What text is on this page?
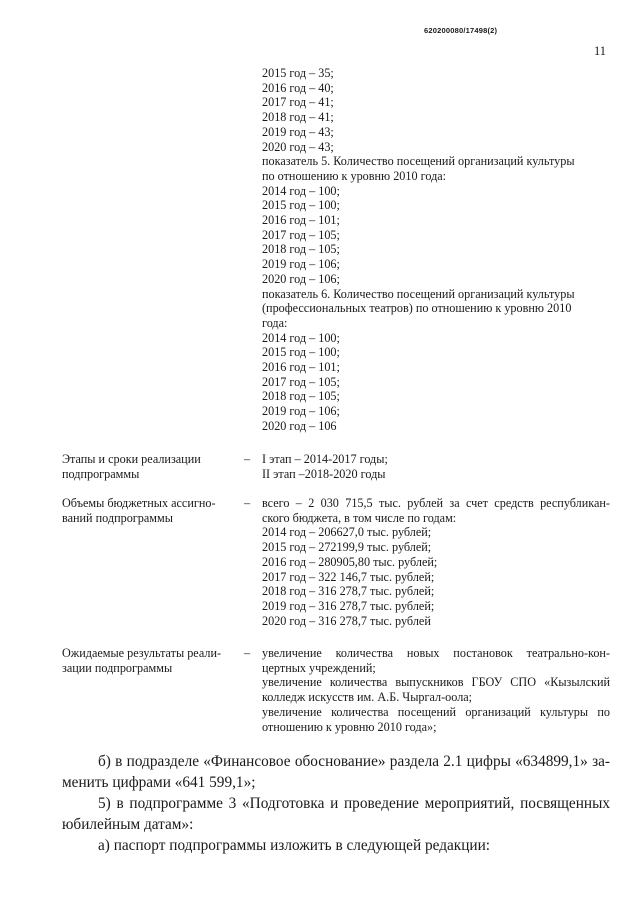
620200080/17498(2)
11
2015 год – 35;
2016 год – 40;
2017 год – 41;
2018 год – 41;
2019 год – 43;
2020 год – 43;
показатель 5. Количество посещений организаций культуры
по отношению к уровню 2010 года:
2014 год – 100;
2015 год – 100;
2016 год – 101;
2017 год – 105;
2018 год – 105;
2019 год – 106;
2020 год – 106;
показатель 6. Количество посещений организаций культуры
(профессиональных театров) по отношению к уровню 2010
года:
2014 год – 100;
2015 год – 100;
2016 год – 101;
2017 год – 105;
2018 год – 105;
2019 год – 106;
2020 год – 106
Этапы и сроки реализации
подпрограммы
– I этап – 2014-2017 годы;
II этап –2018-2020 годы
Объемы бюджетных ассигно-
ваний подпрограммы
– всего – 2 030 715,5 тыс. рублей за счет средств республикан-
ского бюджета, в том числе по годам:
2014 год – 206627,0 тыс. рублей;
2015 год – 272199,9 тыс. рублей;
2016 год – 280905,80 тыс. рублей;
2017 год – 322 146,7 тыс. рублей;
2018 год – 316 278,7 тыс. рублей;
2019 год – 316 278,7 тыс. рублей;
2020 год – 316 278,7 тыс. рублей
Ожидаемые результаты реали-
зации подпрограммы
– увеличение количества новых постановок театрально-кон-
цертных учреждений;
увеличение количества выпускников ГБОУ СПО «Кызылский
колледж искусств им. А.Б. Чыргал-оола;
увеличение количества посещений организаций культуры по
отношению к уровню 2010 года»;
б) в подразделе «Финансовое обоснование» раздела 2.1 цифры «634899,1» за-
менить цифрами «641 599,1»;
5) в подпрограмме 3 «Подготовка и проведение мероприятий, посвященных
юбилейным датам»:
а) паспорт подпрограммы изложить в следующей редакции:
